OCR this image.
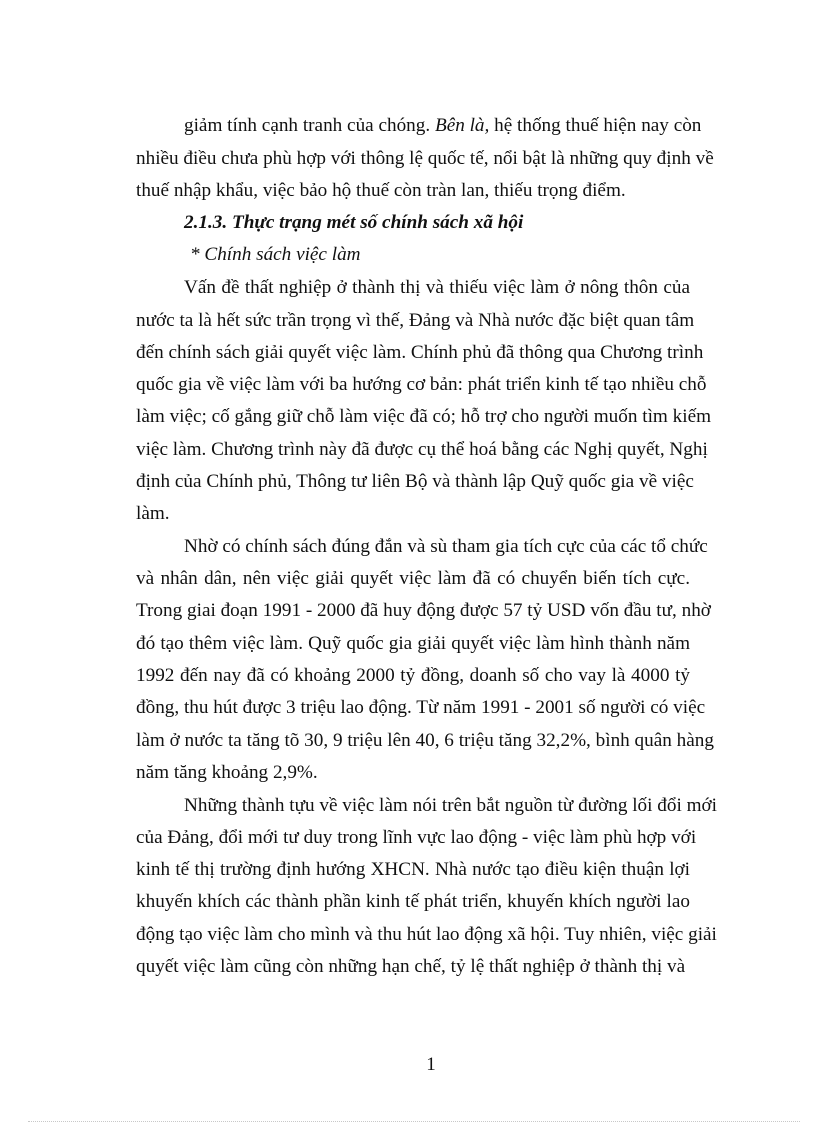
giảm tính cạnh tranh của chóng. Bên là, hệ thống thuế hiện nay còn
nhiều điều chưa phù hợp với thông lệ quốc tế, nổi bật là những quy định về
thuế nhập khẩu, việc bảo hộ thuế còn tràn lan, thiếu trọng điểm.
2.1.3. Thực trạng mét số chính sách xã hội
* Chính sách việc làm
Vấn đề thất nghiệp ở thành thị và thiếu việc làm ở nông thôn của
nước ta là hết sức trần trọng vì thế, Đảng và Nhà nước đặc biệt quan tâm
đến chính sách giải quyết việc làm. Chính phủ đã thông qua Chương trình
quốc gia về việc làm với ba hướng cơ bản: phát triển kinh tế tạo nhiều chỗ
làm việc; cố gắng giữ chỗ làm việc đã có; hỗ trợ cho người muốn tìm kiếm
việc làm. Chương trình này đã được cụ thể hoá bằng các Nghị quyết, Nghị
định của Chính phủ, Thông tư liên Bộ và thành lập Quỹ quốc gia về việc
làm.
Nhờ có chính sách đúng đắn và sù tham gia tích cực của các tổ chức
và nhân dân, nên việc giải quyết việc làm đã có chuyển biến tích cực.
Trong giai đoạn 1991 - 2000 đã huy động được 57 tỷ USD vốn đầu tư, nhờ
đó tạo thêm việc làm. Quỹ quốc gia giải quyết việc làm hình thành năm
1992 đến nay đã có khoảng 2000 tỷ đồng, doanh số cho vay là 4000 tỷ
đồng, thu hút được 3 triệu lao động. Từ năm 1991 - 2001 số người có việc
làm ở nước ta tăng tõ 30, 9 triệu lên 40, 6 triệu tăng 32,2%, bình quân hàng
năm tăng khoảng 2,9%.
Những thành tựu về việc làm nói trên bắt nguồn từ đường lối đổi mới
của Đảng, đổi mới tư duy trong lĩnh vực lao động - việc làm phù hợp với
kinh tế thị trường định hướng XHCN. Nhà nước tạo điều kiện thuận lợi
khuyến khích các thành phần kinh tế phát triển, khuyến khích người lao
động tạo việc làm cho mình và thu hút lao động xã hội. Tuy nhiên, việc giải
quyết việc làm cũng còn những hạn chế, tỷ lệ thất nghiệp ở thành thị và
1
